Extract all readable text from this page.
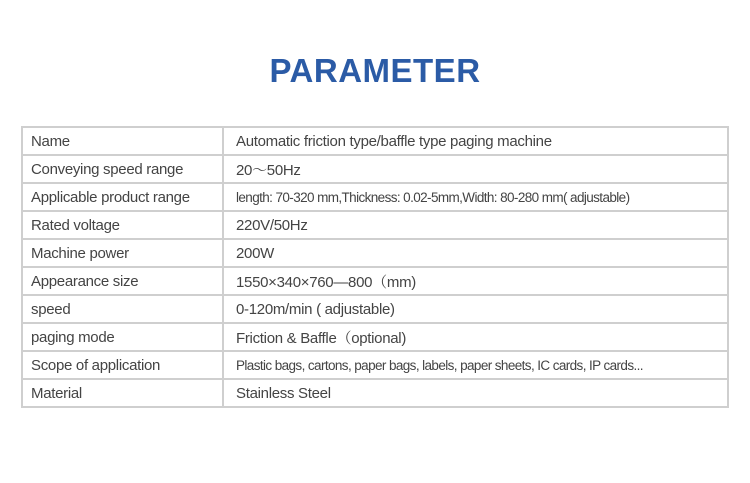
PARAMETER
Name	Automatic friction type/baffle type paging machine
Conveying speed range	20～50Hz
Applicable product range	length: 70-320 mm,Thickness: 0.02-5mm,Width: 80-280 mm( adjustable)
Rated voltage	220V/50Hz
Machine power	200W
Appearance size	1550×340×760—800（mm)
speed	0-120m/min ( adjustable)
paging mode	Friction & Baffle（optional)
Scope of application	Plastic bags, cartons, paper bags, labels, paper sheets, IC cards, IP cards...
Material	Stainless Steel
